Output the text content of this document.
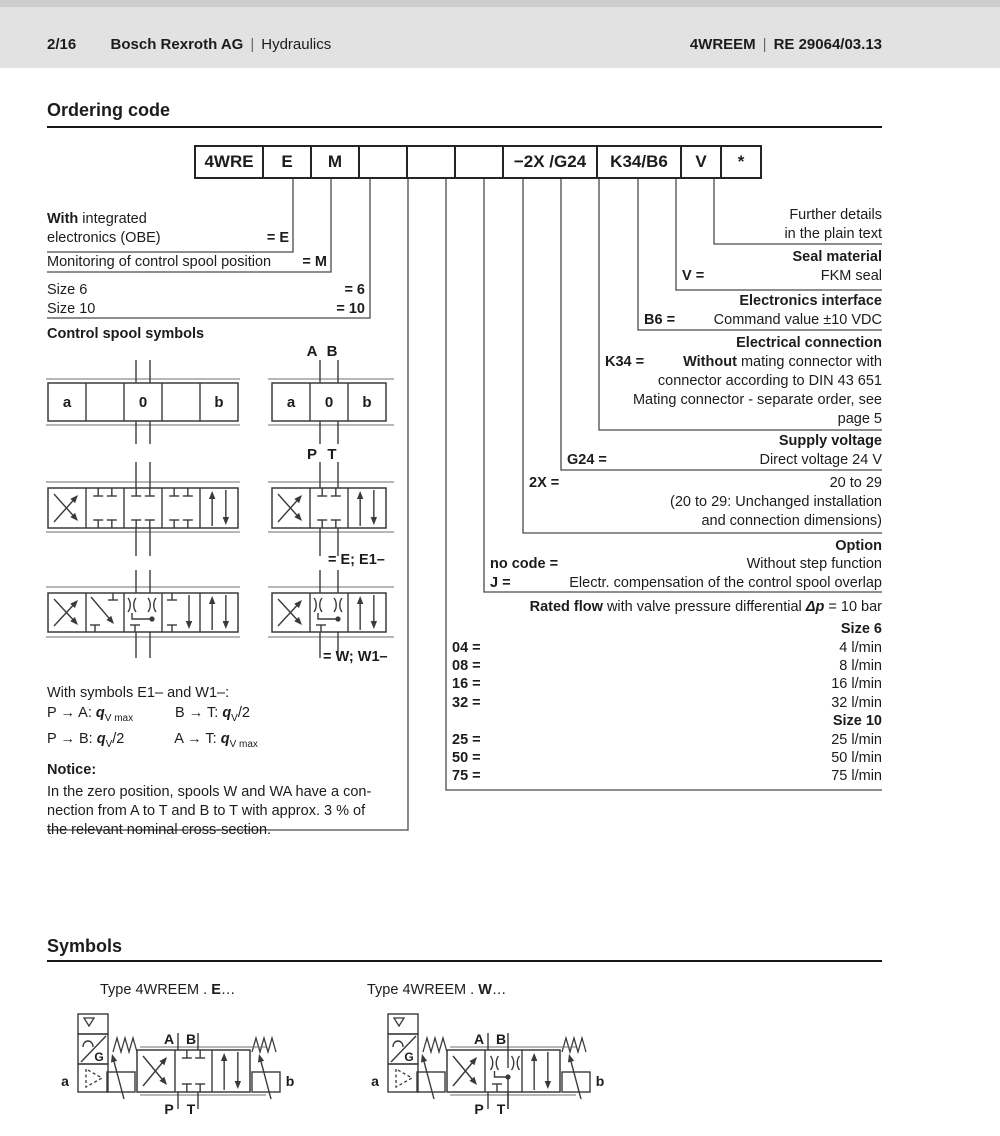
2/16 Bosch Rexroth AG | Hydraulics	4WREEM | RE 29064/03.13
Ordering code
4WRE	E	M	−2X /G24	K34/B6	V	*
With integrated
electronics (OBE)	= E
Monitoring of control spool position = M
Size 6	= 6
Size 10	= 10
Control spool symbols
Further details
in the plain text
Seal material
V =	FKM seal
Electronics interface
B6 =	Command value ±10 VDC
Electrical connection
K34 =	Without mating connector with
connector according to DIN 43 651
Mating connector - separate order, see
page 5
Supply voltage
G24 =	Direct voltage 24 V
2X =	20 to 29
(20 to 29: Unchanged installation
and connection dimensions)
Option
no code =	Without step function
J =	Electr. compensation of the control spool overlap
Rated flow with valve pressure differential Δp = 10 bar
Size 6
04 =	4 l/min
08 =	8 l/min
16 =	16 l/min
32 =	32 l/min
Size 10
25 =	25 l/min
50 =	50 l/min
75 =	75 l/min
a	0	b
A B
P T
a 0 b
= E; E1–
= W; W1–
With symbols E1– and W1–:
P → A: $q_{V max}$	B → T: $q_V/2$
P → B: $q_V/2$	A → T: $q_{V max}$
Notice:
In the zero position, spools W and WA have a con-
nection from A to T and B to T with approx. 3 % of
the relevant nominal cross-section.
Symbols
Type 4WREEM . E…	Type 4WREEM . W…
G
a	b
A B
P T
G
a	b
A B
P T
